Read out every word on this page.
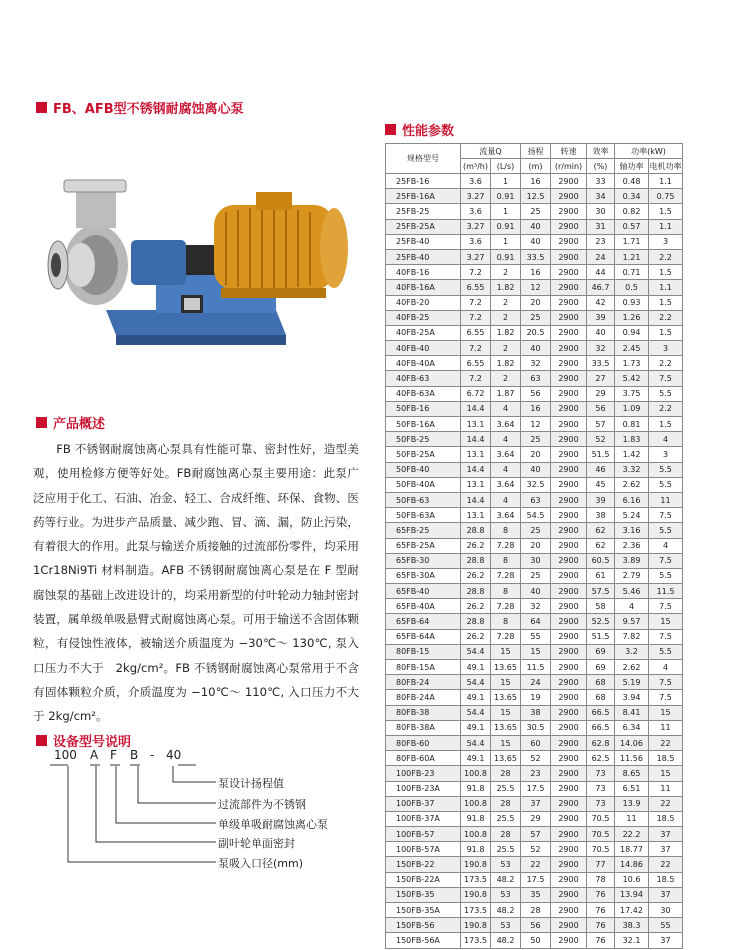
FB、AFB型不锈钢耐腐蚀离心泵
产品概述

FB 不锈钢耐腐蚀离心泵具有性能可靠、密封性好，造型美观，使用检修方便等好处。FB耐腐蚀离心泵主要用途：此泵广泛应用于化工、石油、冶金、轻工、合成纤维、环保、食物、医药等行业。为进步产品质量、减少跑、冒、滴、漏，防止污染，有着很大的作用。此泵与输送介质接触的过流部份零件，均采用 1Cr18Ni9Ti 材料制造。AFB 不锈钢耐腐蚀离心泵是在 F 型耐腐蚀泵的基础上改进设计的，均采用新型的付叶轮动力轴封密封装置，属单级单吸悬臂式耐腐蚀离心泵。可用于输送不含固体颗粒，有侵蚀性液体，被输送介质温度为 −30℃～ 130℃, 泵入口压力不大于　2kg/cm²。FB 不锈钢耐腐蚀离心泵常用于不含有固体颗粒介质，介质温度为 −10℃～ 110℃, 入口压力不大于 2kg/cm²。

设备型号说明
100 A F B - 40
泵设计扬程值
过流部件为不锈钢
单级单吸耐腐蚀离心泵
副叶轮单面密封
泵吸入口径(mm)
性能参数
规格型号	流量Q		扬程	转速	效率	功率(kW)	
	(m³/h)	(L/s)	(m)	(r/min)	(%)	轴功率	电机功率
25FB-16	3.6	1	16	2900	33	0.48	1.1
25FB-16A	3.27	0.91	12.5	2900	34	0.34	0.75
25FB-25	3.6	1	25	2900	30	0.82	1.5
25FB-25A	3.27	0.91	40	2900	31	0.57	1.1
25FB-40	3.6	1	40	2900	23	1.71	3
25FB-40	3.27	0.91	33.5	2900	24	1.21	2.2
40FB-16	7.2	2	16	2900	44	0.71	1.5
40FB-16A	6.55	1.82	12	2900	46.7	0.5	1.1
40FB-20	7.2	2	20	2900	42	0.93	1.5
40FB-25	7.2	2	25	2900	39	1.26	2.2
40FB-25A	6.55	1.82	20.5	2900	40	0.94	1.5
40FB-40	7.2	2	40	2900	32	2.45	3
40FB-40A	6.55	1.82	32	2900	33.5	1.73	2.2
40FB-63	7.2	2	63	2900	27	5.42	7.5
40FB-63A	6.72	1.87	56	2900	29	3.75	5.5
50FB-16	14.4	4	16	2900	56	1.09	2.2
50FB-16A	13.1	3.64	12	2900	57	0.81	1.5
50FB-25	14.4	4	25	2900	52	1.83	4
50FB-25A	13.1	3.64	20	2900	51.5	1.42	3
50FB-40	14.4	4	40	2900	46	3.32	5.5
50FB-40A	13.1	3.64	32.5	2900	45	2.62	5.5
50FB-63	14.4	4	63	2900	39	6.16	11
50FB-63A	13.1	3.64	54.5	2900	38	5.24	7.5
65FB-25	28.8	8	25	2900	62	3.16	5.5
65FB-25A	26.2	7.28	20	2900	62	2.36	4
65FB-30	28.8	8	30	2900	60.5	3.89	7.5
65FB-30A	26.2	7.28	25	2900	61	2.79	5.5
65FB-40	28.8	8	40	2900	57.5	5.46	11.5
65FB-40A	26.2	7.28	32	2900	58	4	7.5
65FB-64	28.8	8	64	2900	52.5	9.57	15
65FB-64A	26.2	7.28	55	2900	51.5	7.82	7.5
80FB-15	54.4	15	15	2900	69	3.2	5.5
80FB-15A	49.1	13.65	11.5	2900	69	2.62	4
80FB-24	54.4	15	24	2900	68	5.19	7.5
80FB-24A	49.1	13.65	19	2900	68	3.94	7.5
80FB-38	54.4	15	38	2900	66.5	8.41	15
80FB-38A	49.1	13.65	30.5	2900	66.5	6.34	11
80FB-60	54.4	15	60	2900	62.8	14.06	22
80FB-60A	49.1	13.65	52	2900	62.5	11.56	18.5
100FB-23	100.8	28	23	2900	73	8.65	15
100FB-23A	91.8	25.5	17.5	2900	73	6.51	11
100FB-37	100.8	28	37	2900	73	13.9	22
100FB-37A	91.8	25.5	29	2900	70.5	11	18.5
100FB-57	100.8	28	57	2900	70.5	22.2	37
100FB-57A	91.8	25.5	52	2900	70.5	18.77	37
150FB-22	190.8	53	22	2900	77	14.86	22
150FB-22A	173.5	48.2	17.5	2900	78	10.6	18.5
150FB-35	190.8	53	35	2900	76	13.94	37
150FB-35A	173.5	48.2	28	2900	76	17.42	30
150FB-56	190.8	53	56	2900	76	38.3	55
150FB-56A	173.5	48.2	50	2900	76	32.1	37
